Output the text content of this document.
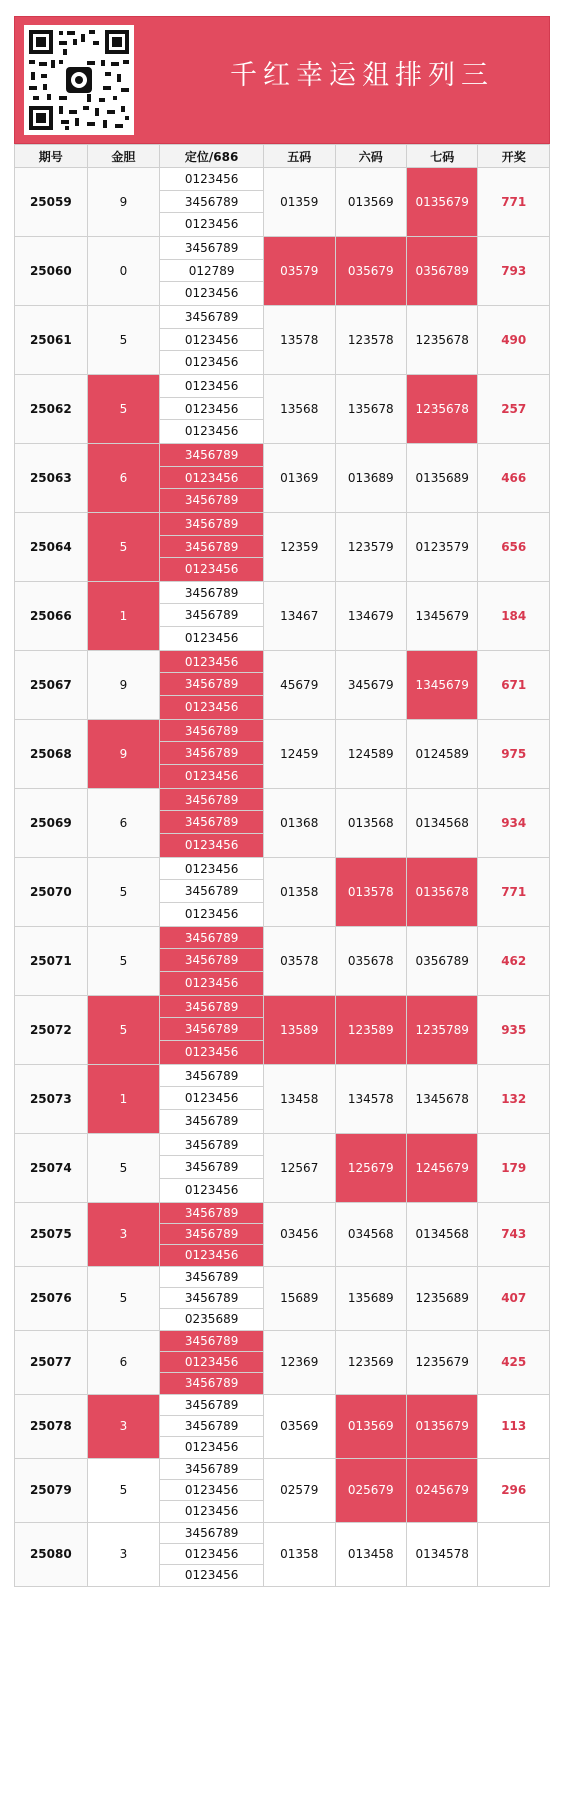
千红幸运爼排列三
期号	金胆	定位/686	五码	六码	七码	开奖
25059	9	0123456
3456789
0123456	01359	013569	0135679	771
25060	0	3456789
012789
0123456	03579	035679	0356789	793
25061	5	3456789
0123456
0123456	13578	123578	1235678	490
25062	5	0123456
0123456
0123456	13568	135678	1235678	257
25063	6	3456789
0123456
3456789	01369	013689	0135689	466
25064	5	3456789
3456789
0123456	12359	123579	0123579	656
25066	1	3456789
3456789
0123456	13467	134679	1345679	184
25067	9	0123456
3456789
0123456	45679	345679	1345679	671
25068	9	3456789
3456789
0123456	12459	124589	0124589	975
25069	6	3456789
3456789
0123456	01368	013568	0134568	934
25070	5	0123456
3456789
0123456	01358	013578	0135678	771
25071	5	3456789
3456789
0123456	03578	035678	0356789	462
25072	5	3456789
3456789
0123456	13589	123589	1235789	935
25073	1	3456789
0123456
3456789	13458	134578	1345678	132
25074	5	3456789
3456789
0123456	12567	125679	1245679	179
25075	3	3456789
3456789
0123456	03456	034568	0134568	743
25076	5	3456789
3456789
0235689	15689	135689	1235689	407
25077	6	3456789
0123456
3456789	12369	123569	1235679	425
25078	3	3456789
3456789
0123456	03569	013569	0135679	113
25079	5	3456789
0123456
0123456	02579	025679	0245679	296
25080	3	3456789
0123456
0123456	01358	013458	0134578	
